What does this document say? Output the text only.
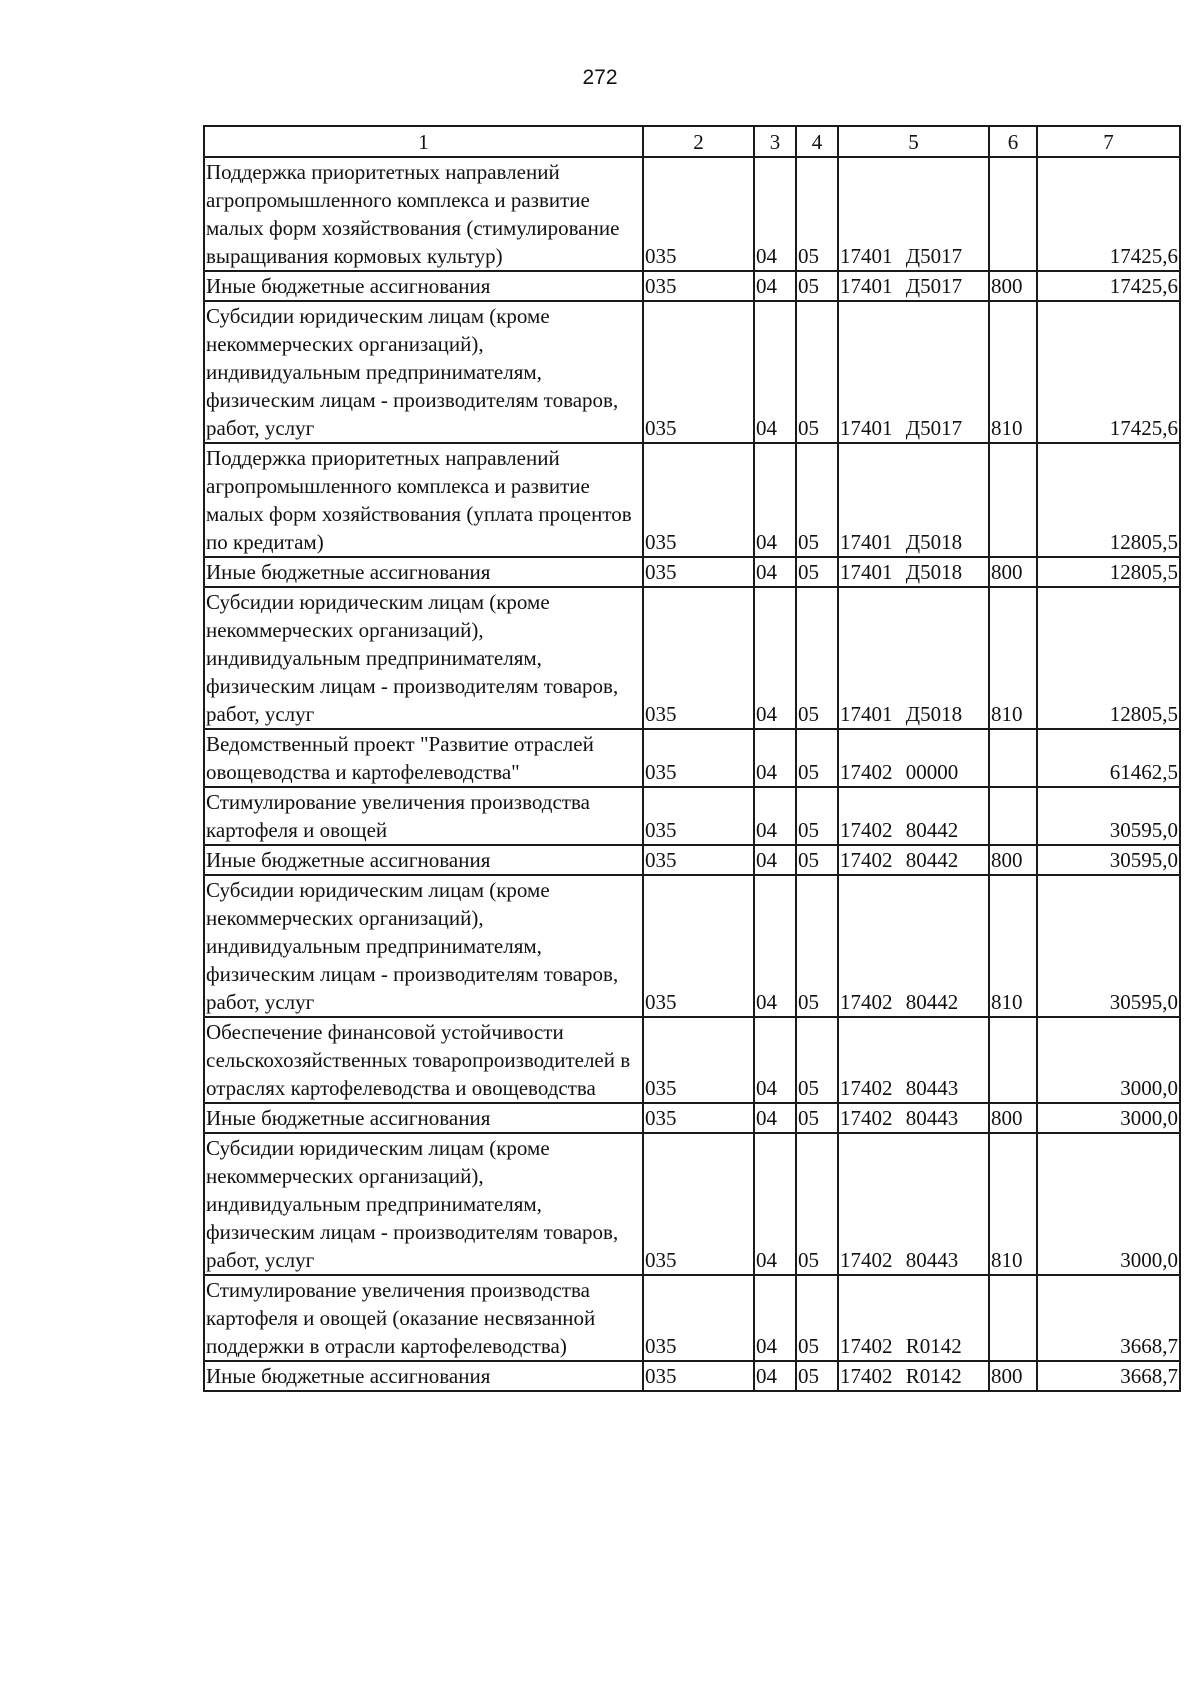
272
1	2	3	4	5	6	7
Поддержка приоритетных направлений агропромышленного комплекса и развитие малых форм хозяйствования (стимулирование выращивания кормовых культур)	035	04	05	17401 Д5017		17425,6
Иные бюджетные ассигнования	035	04	05	17401 Д5017	800	17425,6
Субсидии юридическим лицам (кроме некоммерческих организаций), индивидуальным предпринимателям, физическим лицам - производителям товаров, работ, услуг	035	04	05	17401 Д5017	810	17425,6
Поддержка приоритетных направлений агропромышленного комплекса и развитие малых форм хозяйствования (уплата процентов по кредитам)	035	04	05	17401 Д5018		12805,5
Иные бюджетные ассигнования	035	04	05	17401 Д5018	800	12805,5
Субсидии юридическим лицам (кроме некоммерческих организаций), индивидуальным предпринимателям, физическим лицам - производителям товаров, работ, услуг	035	04	05	17401 Д5018	810	12805,5
Ведомственный проект "Развитие отраслей овощеводства и картофелеводства"	035	04	05	17402 00000		61462,5
Стимулирование увеличения производства картофеля и овощей	035	04	05	17402 80442		30595,0
Иные бюджетные ассигнования	035	04	05	17402 80442	800	30595,0
Субсидии юридическим лицам (кроме некоммерческих организаций), индивидуальным предпринимателям, физическим лицам - производителям товаров, работ, услуг	035	04	05	17402 80442	810	30595,0
Обеспечение финансовой устойчивости сельскохозяйственных товаропроизводителей в отраслях картофелеводства и овощеводства	035	04	05	17402 80443		3000,0
Иные бюджетные ассигнования	035	04	05	17402 80443	800	3000,0
Субсидии юридическим лицам (кроме некоммерческих организаций), индивидуальным предпринимателям, физическим лицам - производителям товаров, работ, услуг	035	04	05	17402 80443	810	3000,0
Стимулирование увеличения производства картофеля и овощей (оказание несвязанной поддержки в отрасли картофелеводства)	035	04	05	17402 R0142		3668,7
Иные бюджетные ассигнования	035	04	05	17402 R0142	800	3668,7
